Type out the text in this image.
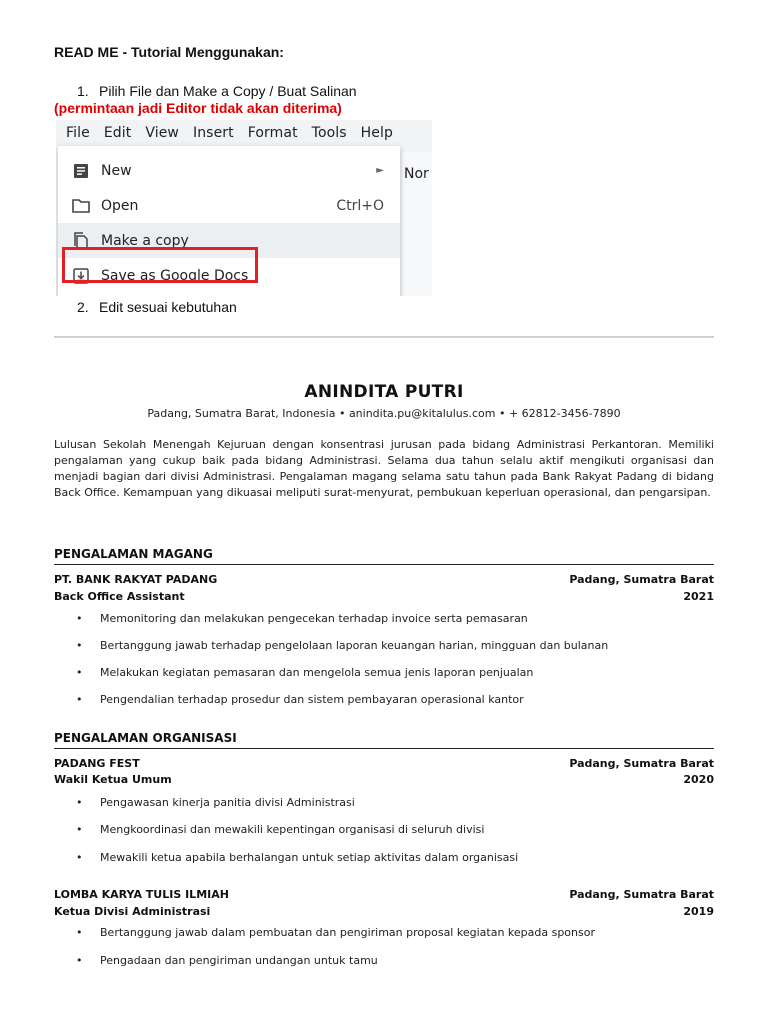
READ ME - Tutorial Menggunakan:
1. Pilih File dan Make a Copy / Buat Salinan
(permintaan jadi Editor tidak akan diterima)
File Edit View Insert Format Tools Help
Nor
New	►
Open	Ctrl+O
Make a copy
Save as Google Docs
2. Edit sesuai kebutuhan
ANINDITA PUTRI
Padang, Sumatra Barat, Indonesia • anindita.pu@kitalulus.com • + 62812-3456-7890
Lulusan Sekolah Menengah Kejuruan dengan konsentrasi jurusan pada bidang Administrasi Perkantoran. Memiliki pengalaman yang cukup baik pada bidang Administrasi. Selama dua tahun selalu aktif mengikuti organisasi dan menjadi bagian dari divisi Administrasi. Pengalaman magang selama satu tahun pada Bank Rakyat Padang di bidang Back Office. Kemampuan yang dikuasai meliputi surat-menyurat, pembukuan keperluan operasional, dan pengarsipan.
PENGALAMAN MAGANG
PT. BANK RAKYAT PADANG	Padang, Sumatra Barat
Back Office Assistant	2021
•	Memonitoring dan melakukan pengecekan terhadap invoice serta pemasaran
•	Bertanggung jawab terhadap pengelolaan laporan keuangan harian, mingguan dan bulanan
•	Melakukan kegiatan pemasaran dan mengelola semua jenis laporan penjualan
•	Pengendalian terhadap prosedur dan sistem pembayaran operasional kantor
PENGALAMAN ORGANISASI
PADANG FEST	Padang, Sumatra Barat
Wakil Ketua Umum	2020
•	Pengawasan kinerja panitia divisi Administrasi
•	Mengkoordinasi dan mewakili kepentingan organisasi di seluruh divisi
•	Mewakili ketua apabila berhalangan untuk setiap aktivitas dalam organisasi
LOMBA KARYA TULIS ILMIAH	Padang, Sumatra Barat
Ketua Divisi Administrasi	2019
•	Bertanggung jawab dalam pembuatan dan pengiriman proposal kegiatan kepada sponsor
•	Pengadaan dan pengiriman undangan untuk tamu
